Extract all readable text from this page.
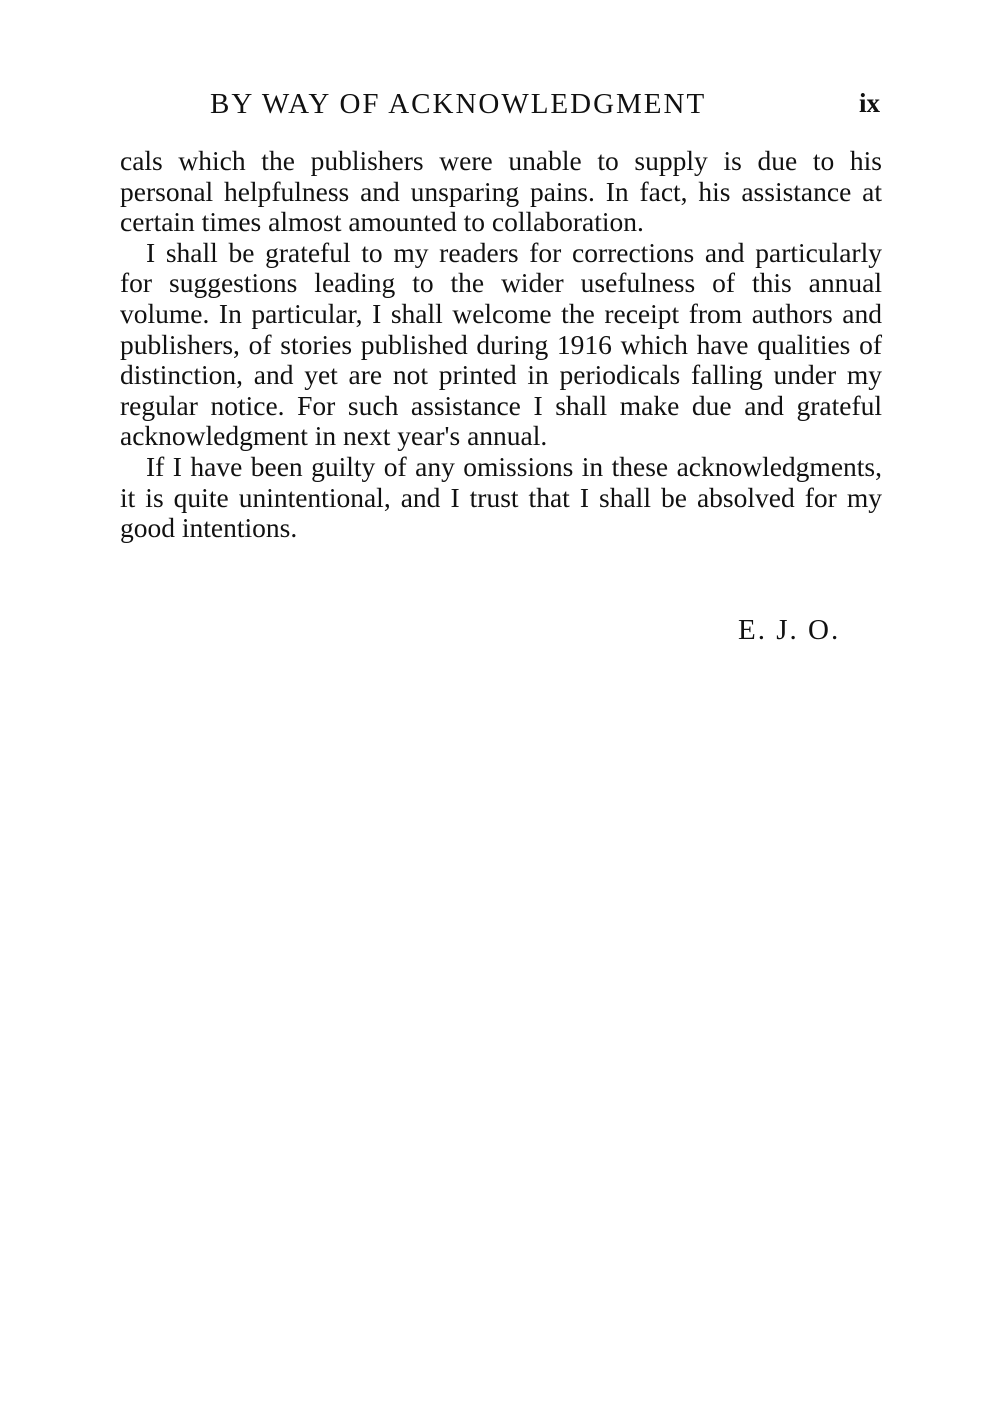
BY WAY OF ACKNOWLEDGMENT	ix

cals which the publishers were unable to supply is due to his personal helpfulness and unsparing pains. In fact, his assistance at certain times almost amounted to collaboration.

I shall be grateful to my readers for corrections and particularly for suggestions leading to the wider usefulness of this annual volume. In particular, I shall welcome the receipt from authors and publishers, of stories published during 1916 which have qualities of distinction, and yet are not printed in periodicals falling under my regular notice. For such assistance I shall make due and grateful acknowledgment in next year's annual.

If I have been guilty of any omissions in these acknowledgments, it is quite unintentional, and I trust that I shall be absolved for my good intentions.

E. J. O.
